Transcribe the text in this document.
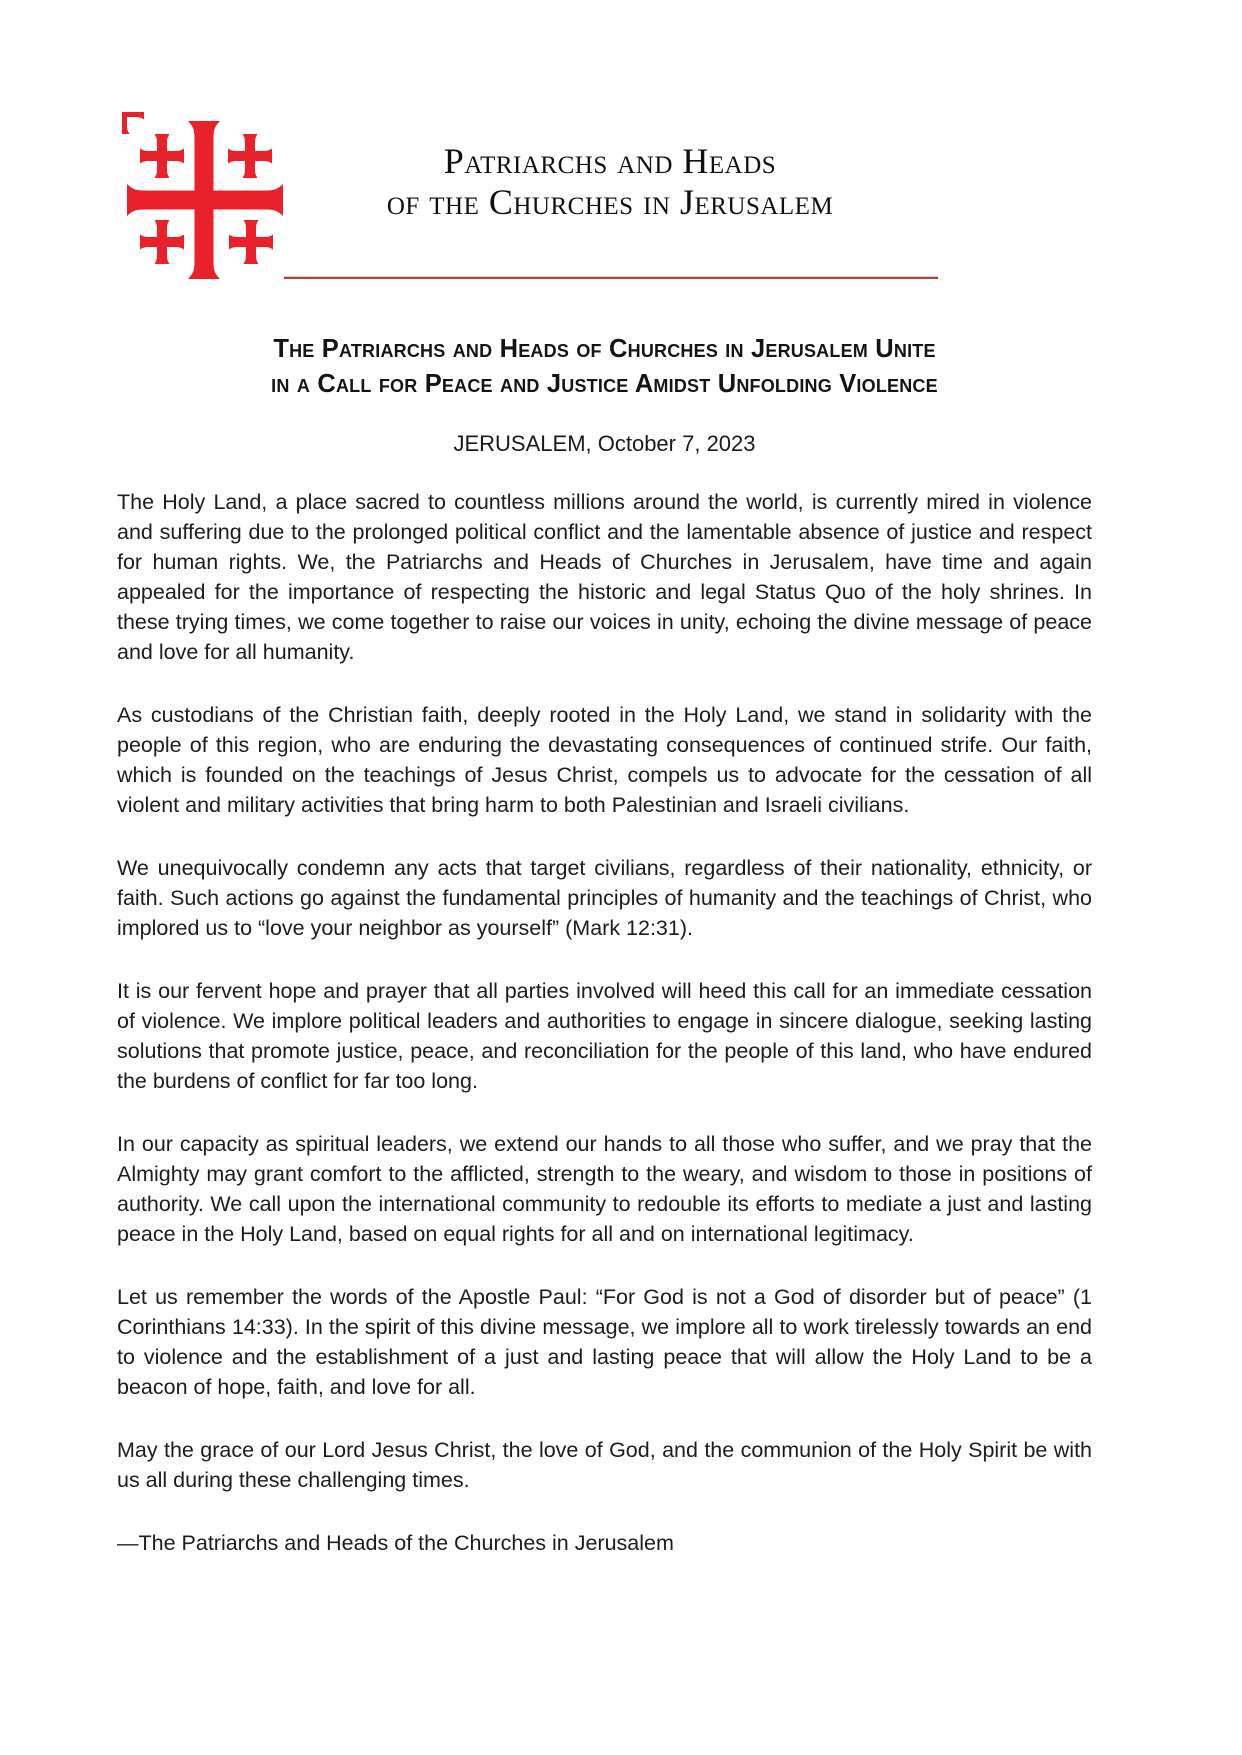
Patriarchs and Heads
of the Churches in Jerusalem
The Patriarchs and Heads of Churches in Jerusalem Unite
in a Call for Peace and Justice Amidst Unfolding Violence
JERUSALEM, October 7, 2023

The Holy Land, a place sacred to countless millions around the world, is currently mired in violence and suffering due to the prolonged political conflict and the lamentable absence of justice and respect for human rights. We, the Patriarchs and Heads of Churches in Jerusalem, have time and again appealed for the importance of respecting the historic and legal Status Quo of the holy shrines. In these trying times, we come together to raise our voices in unity, echoing the divine message of peace and love for all humanity.

As custodians of the Christian faith, deeply rooted in the Holy Land, we stand in solidarity with the people of this region, who are enduring the devastating consequences of continued strife. Our faith, which is founded on the teachings of Jesus Christ, compels us to advocate for the cessation of all violent and military activities that bring harm to both Palestinian and Israeli civilians.

We unequivocally condemn any acts that target civilians, regardless of their nationality, ethnicity, or faith. Such actions go against the fundamental principles of humanity and the teachings of Christ, who implored us to “love your neighbor as yourself” (Mark 12:31).

It is our fervent hope and prayer that all parties involved will heed this call for an immediate cessation of violence. We implore political leaders and authorities to engage in sincere dialogue, seeking lasting solutions that promote justice, peace, and reconciliation for the people of this land, who have endured the burdens of conflict for far too long.

In our capacity as spiritual leaders, we extend our hands to all those who suffer, and we pray that the Almighty may grant comfort to the afflicted, strength to the weary, and wisdom to those in positions of authority. We call upon the international community to redouble its efforts to mediate a just and lasting peace in the Holy Land, based on equal rights for all and on international legitimacy.

Let us remember the words of the Apostle Paul: “For God is not a God of disorder but of peace” (1 Corinthians 14:33). In the spirit of this divine message, we implore all to work tirelessly towards an end to violence and the establishment of a just and lasting peace that will allow the Holy Land to be a beacon of hope, faith, and love for all.

May the grace of our Lord Jesus Christ, the love of God, and the communion of the Holy Spirit be with us all during these challenging times.

—The Patriarchs and Heads of the Churches in Jerusalem
